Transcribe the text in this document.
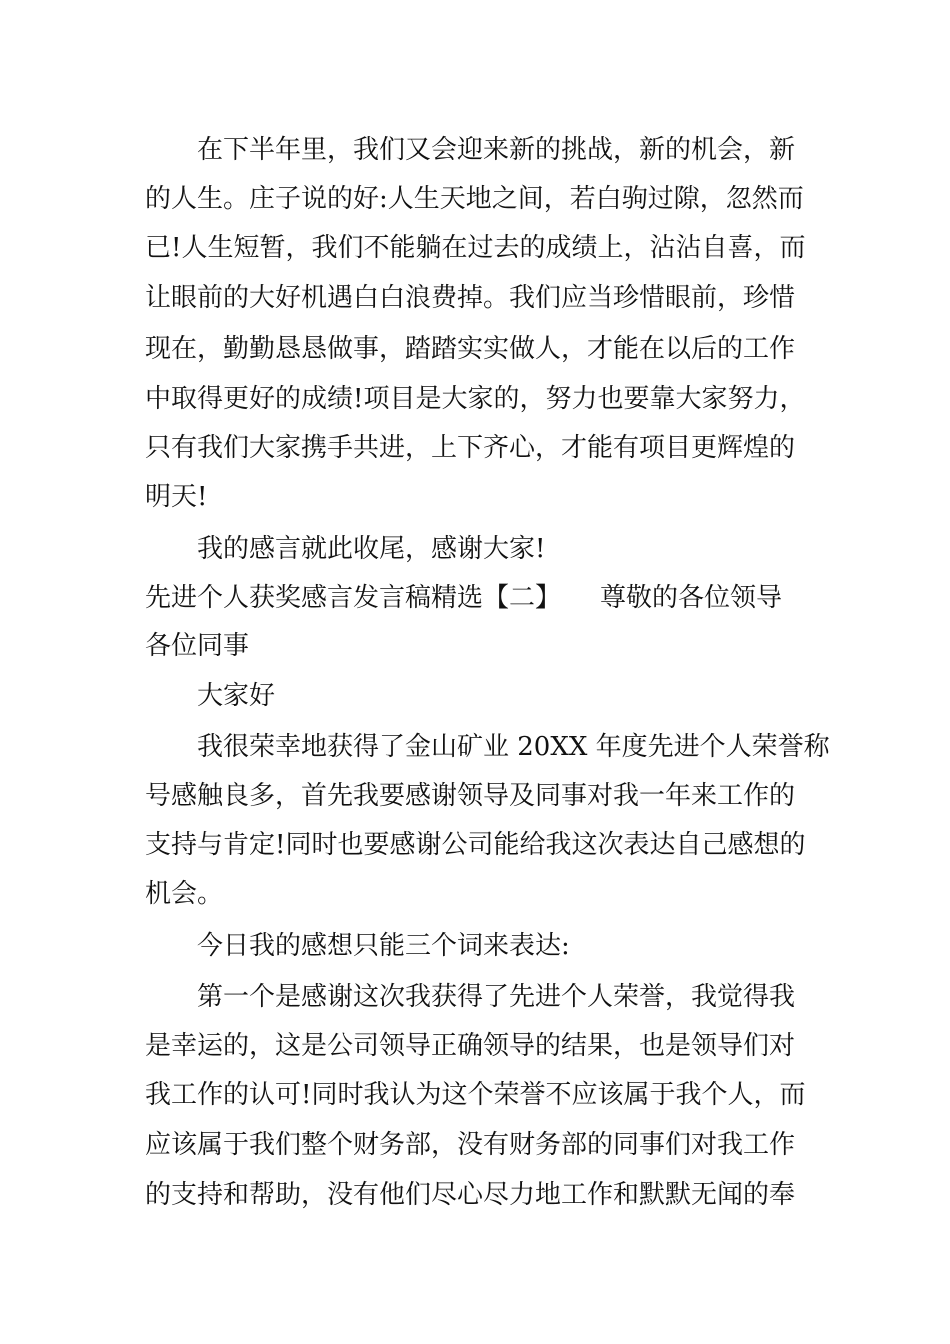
在下半年里，我们又会迎来新的挑战，新的机会，新
的人生。庄子说的好:人生天地之间，若白驹过隙，忽然而
已!人生短暂，我们不能躺在过去的成绩上，沾沾自喜，而
让眼前的大好机遇白白浪费掉。我们应当珍惜眼前，珍惜
现在，勤勤恳恳做事，踏踏实实做人，才能在以后的工作
中取得更好的成绩!项目是大家的，努力也要靠大家努力，
只有我们大家携手共进，上下齐心，才能有项目更辉煌的
明天!
我的感言就此收尾，感谢大家!
先进个人获奖感言发言稿精选【二】　　尊敬的各位领导
各位同事
大家好
我很荣幸地获得了金山矿业 20XX 年度先进个人荣誉称
号感触良多，首先我要感谢领导及同事对我一年来工作的
支持与肯定!同时也要感谢公司能给我这次表达自己感想的
机会。
今日我的感想只能三个词来表达:
第一个是感谢这次我获得了先进个人荣誉，我觉得我
是幸运的，这是公司领导正确领导的结果，也是领导们对
我工作的认可!同时我认为这个荣誉不应该属于我个人，而
应该属于我们整个财务部，没有财务部的同事们对我工作
的支持和帮助，没有他们尽心尽力地工作和默默无闻的奉
